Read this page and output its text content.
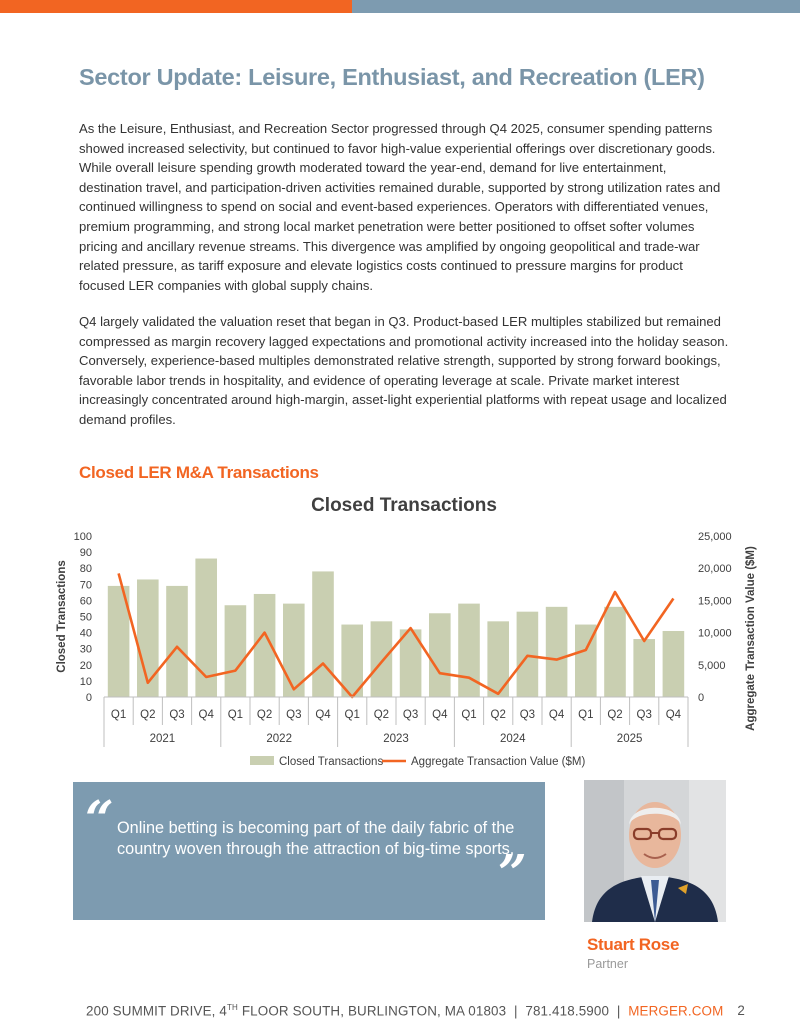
Sector Update: Leisure, Enthusiast, and Recreation (LER)

As the Leisure, Enthusiast, and Recreation Sector progressed through Q4 2025, consumer spending patterns showed increased selectivity, but continued to favor high-value experiential offerings over discretionary goods. While overall leisure spending growth moderated toward the year-end, demand for live entertainment, destination travel, and participation-driven activities remained durable, supported by strong utilization rates and continued willingness to spend on social and event-based experiences. Operators with differentiated venues, premium programming, and strong local market penetration were better positioned to offset softer volumes pricing and ancillary revenue streams. This divergence was amplified by ongoing geopolitical and trade-war related pressure, as tariff exposure and elevate logistics costs continued to pressure margins for product focused LER companies with global supply chains.

Q4 largely validated the valuation reset that began in Q3. Product-based LER multiples stabilized but remained compressed as margin recovery lagged expectations and promotional activity increased into the holiday season. Conversely, experience-based multiples demonstrated relative strength, supported by strong forward bookings, favorable labor trends in hospitality, and evidence of operating leverage at scale. Private market interest increasingly concentrated around high-margin, asset-light experiential platforms with repeat usage and localized demand profiles.

Closed LER M&A Transactions
Closed Transactions
0
10
20
30
40
50
60
70
80
90
100
0
5,000
10,000
15,000
20,000
25,000
Closed Transactions	Aggregate Transaction Value ($M)
Q1 Q2 Q3 Q4 Q1 Q2 Q3 Q4 Q1 Q2 Q3 Q4 Q1 Q2 Q3 Q4 Q1 Q2 Q3 Q4
2021	2022	2023	2024	2025
Closed Transactions Aggregate Transaction Value ($M)
“ Online betting is becoming part of the daily fabric of the country woven through the attraction of big-time sports.

”
Stuart Rose
Partner
200 SUMMIT DRIVE, 4TH FLOOR SOUTH, BURLINGTON, MA 01803  |  781.418.5900  |  MERGER.COM 2
